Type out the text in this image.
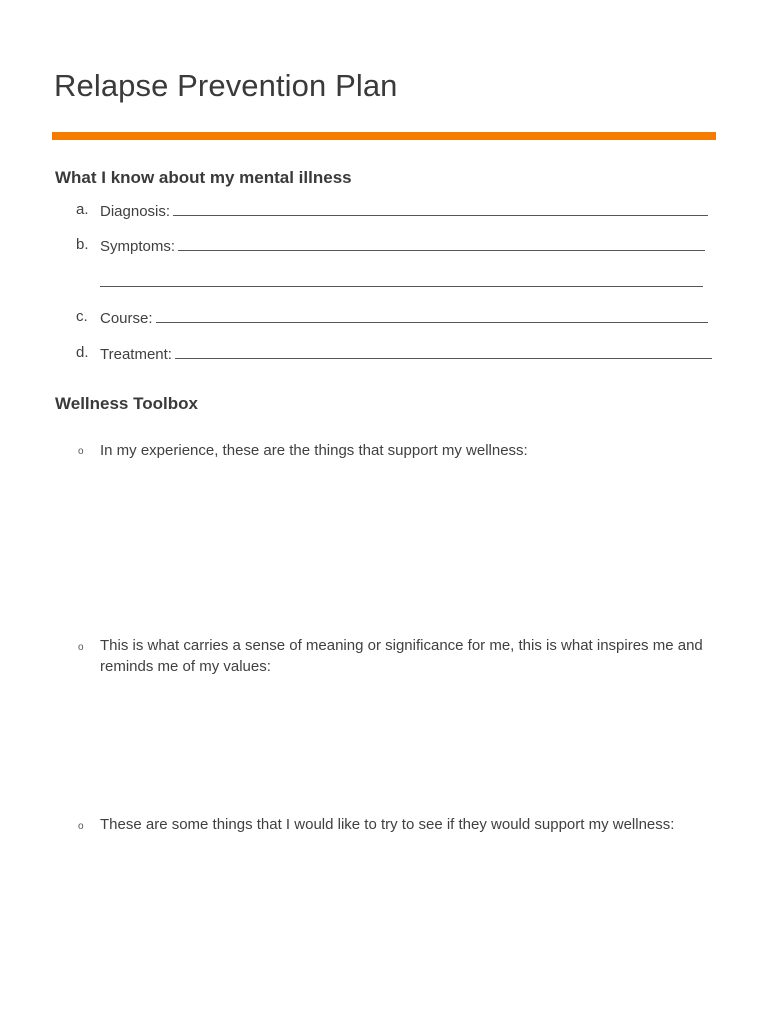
Relapse Prevention Plan
What I know about my mental illness
a. Diagnosis:
b. Symptoms:
c. Course:
d. Treatment:
Wellness Toolbox
o In my experience, these are the things that support my wellness:
o This is what carries a sense of meaning or significance for me, this is what inspires me and reminds me of my values:
o These are some things that I would like to try to see if they would support my wellness:
